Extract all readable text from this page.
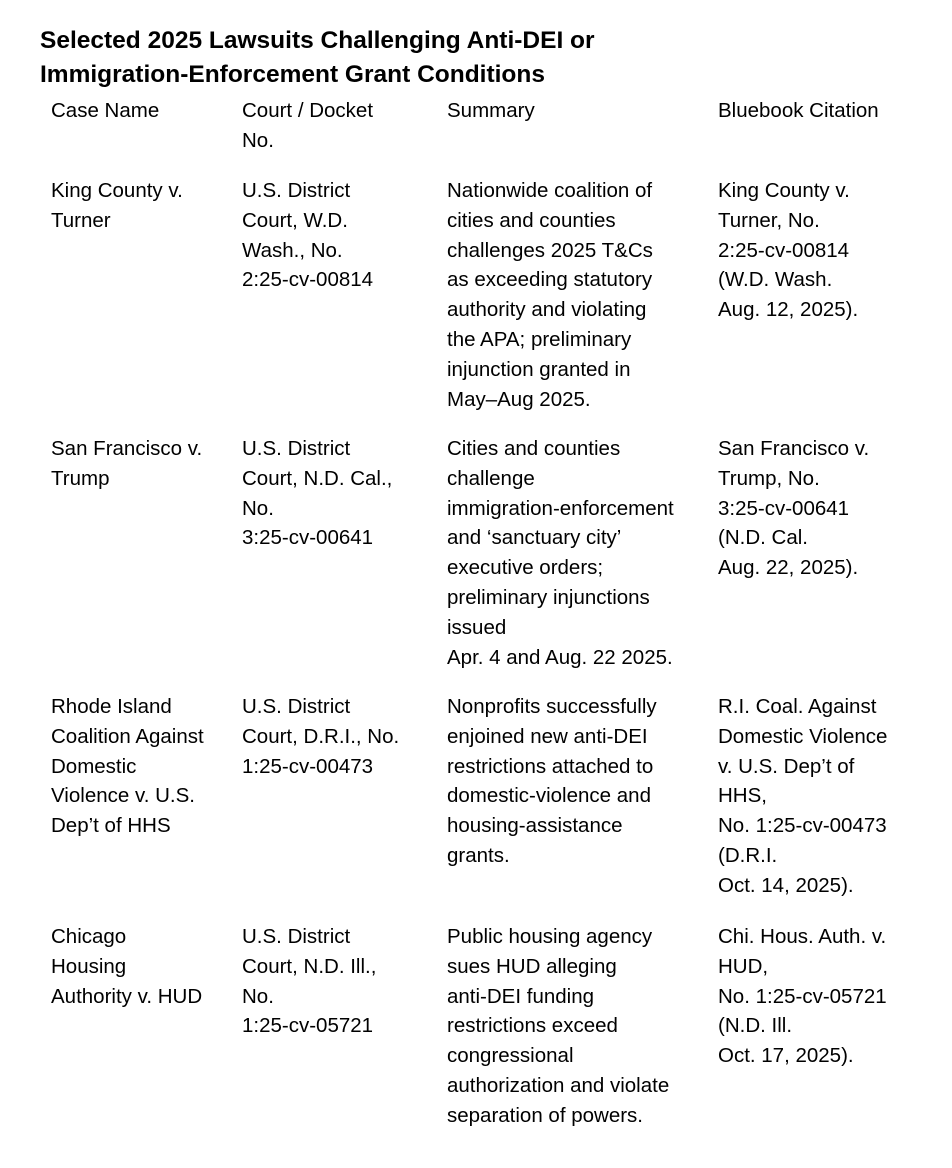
Selected 2025 Lawsuits Challenging Anti-DEI or
Immigration-Enforcement Grant Conditions
Case Name	Court / Docket
No.
Summary	Bluebook Citation
King County v.
Turner
U.S. District
Court, W.D.
Wash., No.
2:25-cv-00814
Nationwide coalition of
cities and counties
challenges 2025 T&Cs
as exceeding statutory
authority and violating
the APA; preliminary
injunction granted in
May–Aug 2025.
King County v.
Turner, No.
2:25-cv-00814
(W.D. Wash.
Aug. 12, 2025).
San Francisco v.
Trump
U.S. District
Court, N.D. Cal.,
No.
3:25-cv-00641
Cities and counties
challenge
immigration-enforcement
and ‘sanctuary city’
executive orders;
preliminary injunctions
issued
Apr. 4 and Aug. 22 2025.
San Francisco v.
Trump, No.
3:25-cv-00641
(N.D. Cal.
Aug. 22, 2025).
Rhode Island
Coalition Against
Domestic
Violence v. U.S.
Dep’t of HHS
U.S. District
Court, D.R.I., No.
1:25-cv-00473
Nonprofits successfully
enjoined new anti-DEI
restrictions attached to
domestic-violence and
housing-assistance
grants.
R.I. Coal. Against
Domestic Violence
v. U.S. Dep’t of
HHS,
No. 1:25-cv-00473
(D.R.I.
Oct. 14, 2025).
Chicago
Housing
Authority v. HUD
U.S. District
Court, N.D. Ill.,
No.
1:25-cv-05721
Public housing agency
sues HUD alleging
anti-DEI funding
restrictions exceed
congressional
authorization and violate
separation of powers.
Chi. Hous. Auth. v.
HUD,
No. 1:25-cv-05721
(N.D. Ill.
Oct. 17, 2025).
